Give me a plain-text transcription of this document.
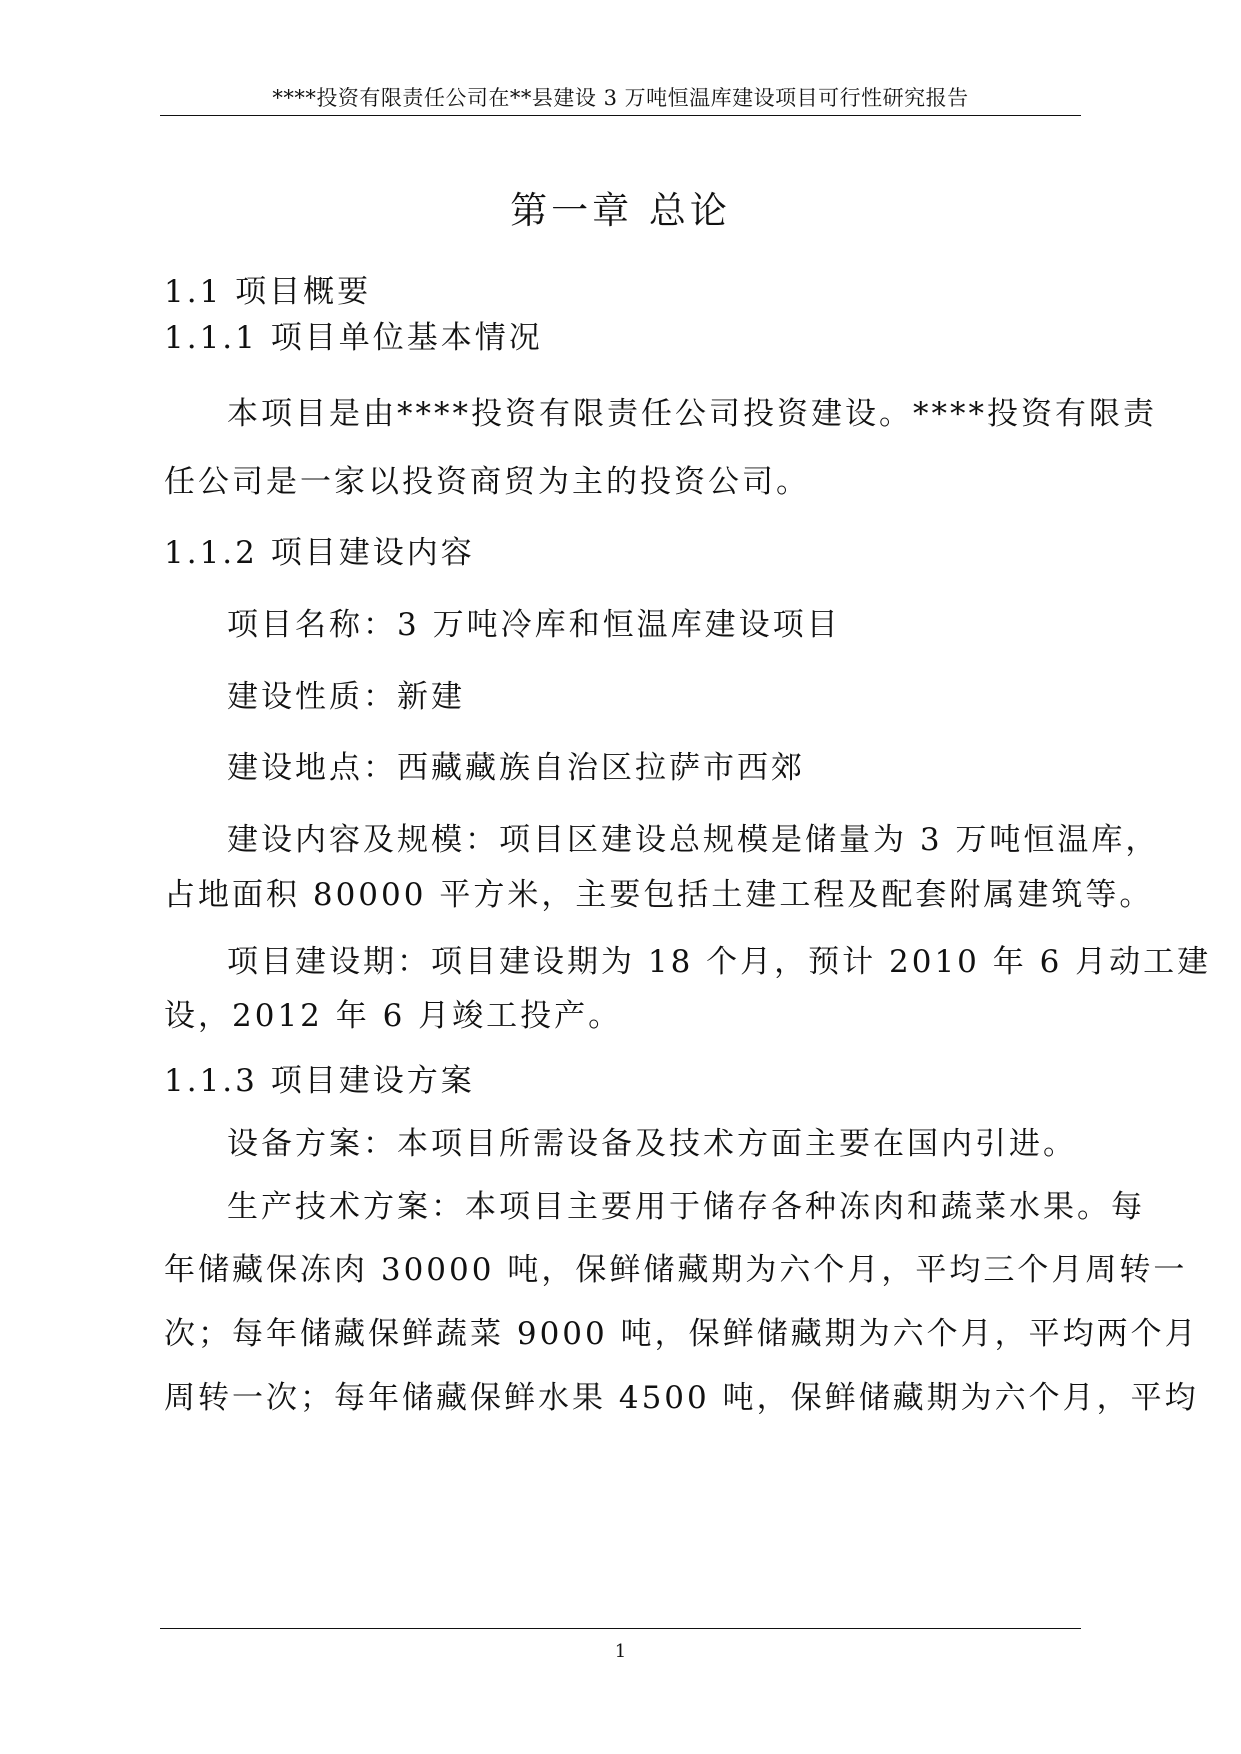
****投资有限责任公司在**县建设 3 万吨恒温库建设项目可行性研究报告
第一章 总论
1.1 项目概要
1.1.1 项目单位基本情况
本项目是由****投资有限责任公司投资建设。****投资有限责
任公司是一家以投资商贸为主的投资公司。
1.1.2 项目建设内容
项目名称：3 万吨冷库和恒温库建设项目
建设性质：新建
建设地点：西藏藏族自治区拉萨市西郊
建设内容及规模：项目区建设总规模是储量为 3 万吨恒温库，
占地面积 80000 平方米，主要包括土建工程及配套附属建筑等。
项目建设期：项目建设期为 18 个月，预计 2010 年 6 月动工建
设，2012 年 6 月竣工投产。
1.1.3 项目建设方案
设备方案：本项目所需设备及技术方面主要在国内引进。
生产技术方案：本项目主要用于储存各种冻肉和蔬菜水果。每
年储藏保冻肉 30000 吨，保鲜储藏期为六个月，平均三个月周转一
次；每年储藏保鲜蔬菜 9000 吨，保鲜储藏期为六个月，平均两个月
周转一次；每年储藏保鲜水果 4500 吨，保鲜储藏期为六个月，平均
1
